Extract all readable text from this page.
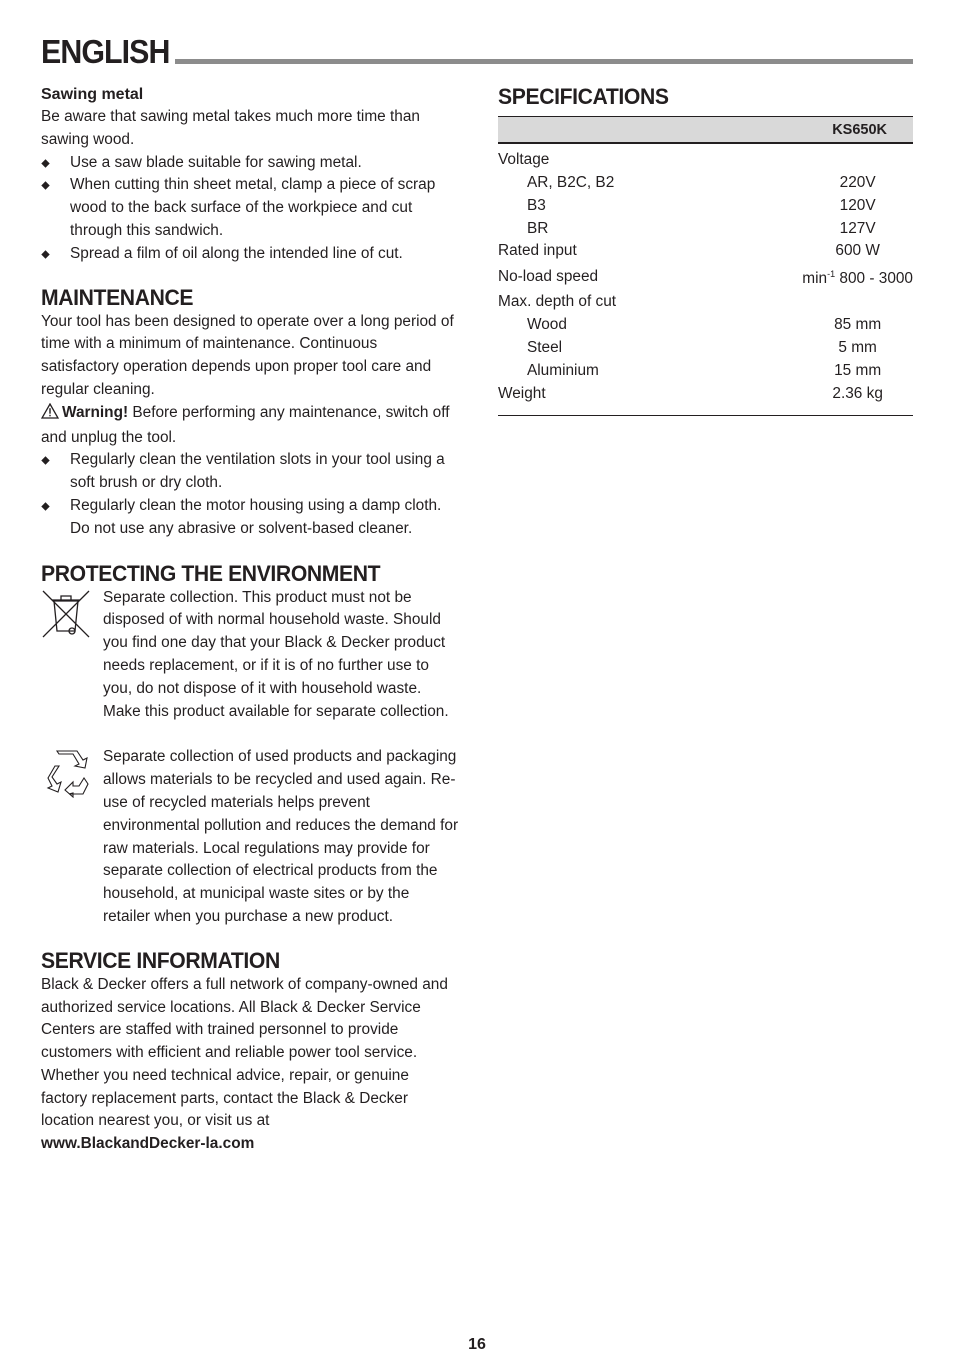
ENGLISH
Sawing metal

Be aware that sawing metal takes much more time than sawing wood.

Use a saw blade suitable for sawing metal.
When cutting thin sheet metal, clamp a piece of scrap wood to the back surface of the workpiece and cut through this sandwich.
Spread a film of oil along the intended line of cut.
MAINTENANCE

Your tool has been designed to operate over a long period of time with a minimum of maintenance. Continuous satisfactory operation depends upon proper tool care and regular cleaning.

Warning! Before performing any maintenance, switch off and unplug the tool.

Regularly clean the ventilation slots in your tool using a soft brush or dry cloth.
Regularly clean the motor housing using a damp cloth. Do not use any abrasive or solvent-based cleaner.
PROTECTING THE ENVIRONMENT

Separate collection. This product must not be disposed of with normal household waste. Should you find one day that your Black & Decker product needs replacement, or if it is of no further use to you, do not dispose of it with household waste. Make this product available for separate collection.

Separate collection of used products and packaging allows materials to be recycled and used again. Re-use of recycled materials helps prevent environmental pollution and reduces the demand for raw materials. Local regulations may provide for separate collection of electrical products from the household, at municipal waste sites or by the retailer when you purchase a new product.

SERVICE INFORMATION

Black & Decker offers a full network of company-owned and authorized service locations. All Black & Decker Service Centers are staffed with trained personnel to provide customers with efficient and reliable power tool service. Whether you need technical advice, repair, or genuine factory replacement parts, contact the Black & Decker location nearest you, or visit us at

www.BlackandDecker-la.com

SPECIFICATIONS
KS650K	
Voltage	
AR, B2C, B2	220V
B3	120V
BR	127V
Rated input	600 W
No-load speed	$\min^{-1} 800 - 3000$
Max. depth of cut	
Wood	85 mm
Steel	5 mm
Aluminium	15 mm
Weight	2.36 kg
16
